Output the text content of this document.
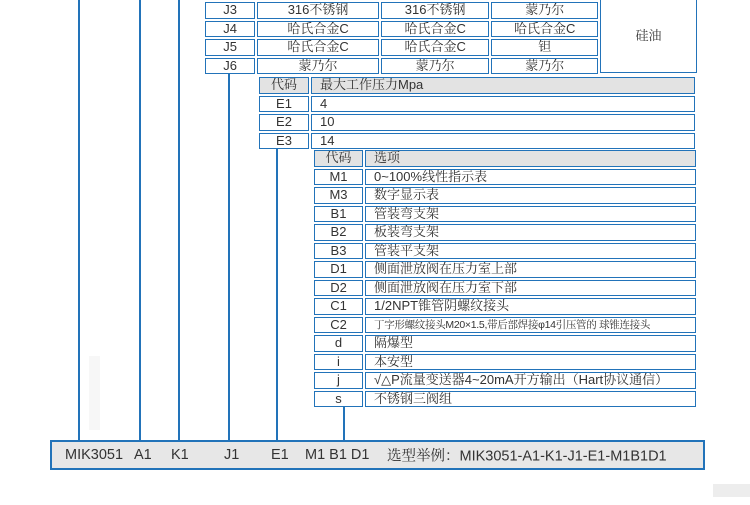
J3	316不锈钢	316不锈钢	蒙乃尔
J4	哈氏合金C	哈氏合金C	哈氏合金C
J5	哈氏合金C	哈氏合金C	钽
J6	蒙乃尔	蒙乃尔	蒙乃尔
硅油
代码	最大工作压力Mpa
E1	4
E2	10
E3	14
代码	选项
M1	0~100%线性指示表
M3	数字显示表
B1	管装弯支架
B2	板装弯支架
B3	管装平支架
D1	侧面泄放阀在压力室上部
D2	侧面泄放阀在压力室下部
C1	1/2NPT锥管阴螺纹接头
C2	丁字形螺纹接头M20×1.5,带后部焊接φ14引压管的 球锥连接头
d	隔爆型
i	本安型
j	√△P流量变送器4~20mA开方输出（Hart协议通信）
s	不锈钢三阀组
MIK3051 A1 K1 J1 E1 M1 B1 D1 选型举例：MIK3051-A1-K1-J1-E1-M1B1D1
